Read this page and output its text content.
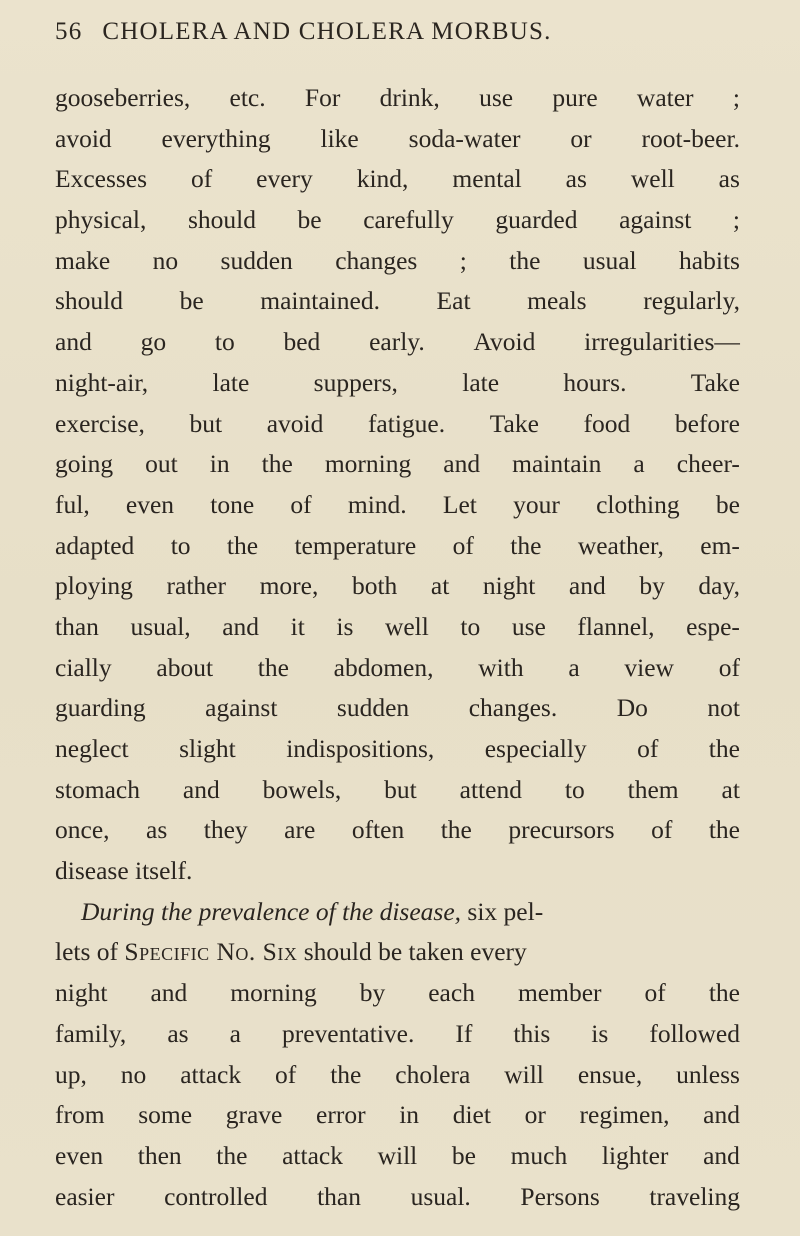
56 CHOLERA AND CHOLERA MORBUS.
gooseberries, etc. For drink, use pure water ;
avoid everything like soda-water or root-beer.
Excesses of every kind, mental as well as
physical, should be carefully guarded against ;
make no sudden changes ; the usual habits
should be maintained. Eat meals regularly,
and go to bed early. Avoid irregularities—
night-air,	late	suppers,	late	hours.	Take
exercise, but avoid fatigue. Take food before
going out in the morning and maintain a cheer-
ful, even tone of mind. Let your clothing be
adapted to the temperature of the weather, em-
ploying rather more, both at night and by day,
than usual, and it is well to use flannel, espe-
cially about the abdomen, with a view of
guarding against sudden changes. Do not
neglect slight indispositions, especially of the
stomach and bowels, but attend to them at
once, as they are often the precursors of the
disease itself.
During the prevalence of the disease, six pel-
lets of Specific No. Six should be taken every
night and morning by each member of the
family, as a preventative. If this is followed
up, no attack of the cholera will ensue, unless
from some grave error in diet or regimen, and
even then the attack will be much lighter and
easier controlled than usual. Persons traveling
